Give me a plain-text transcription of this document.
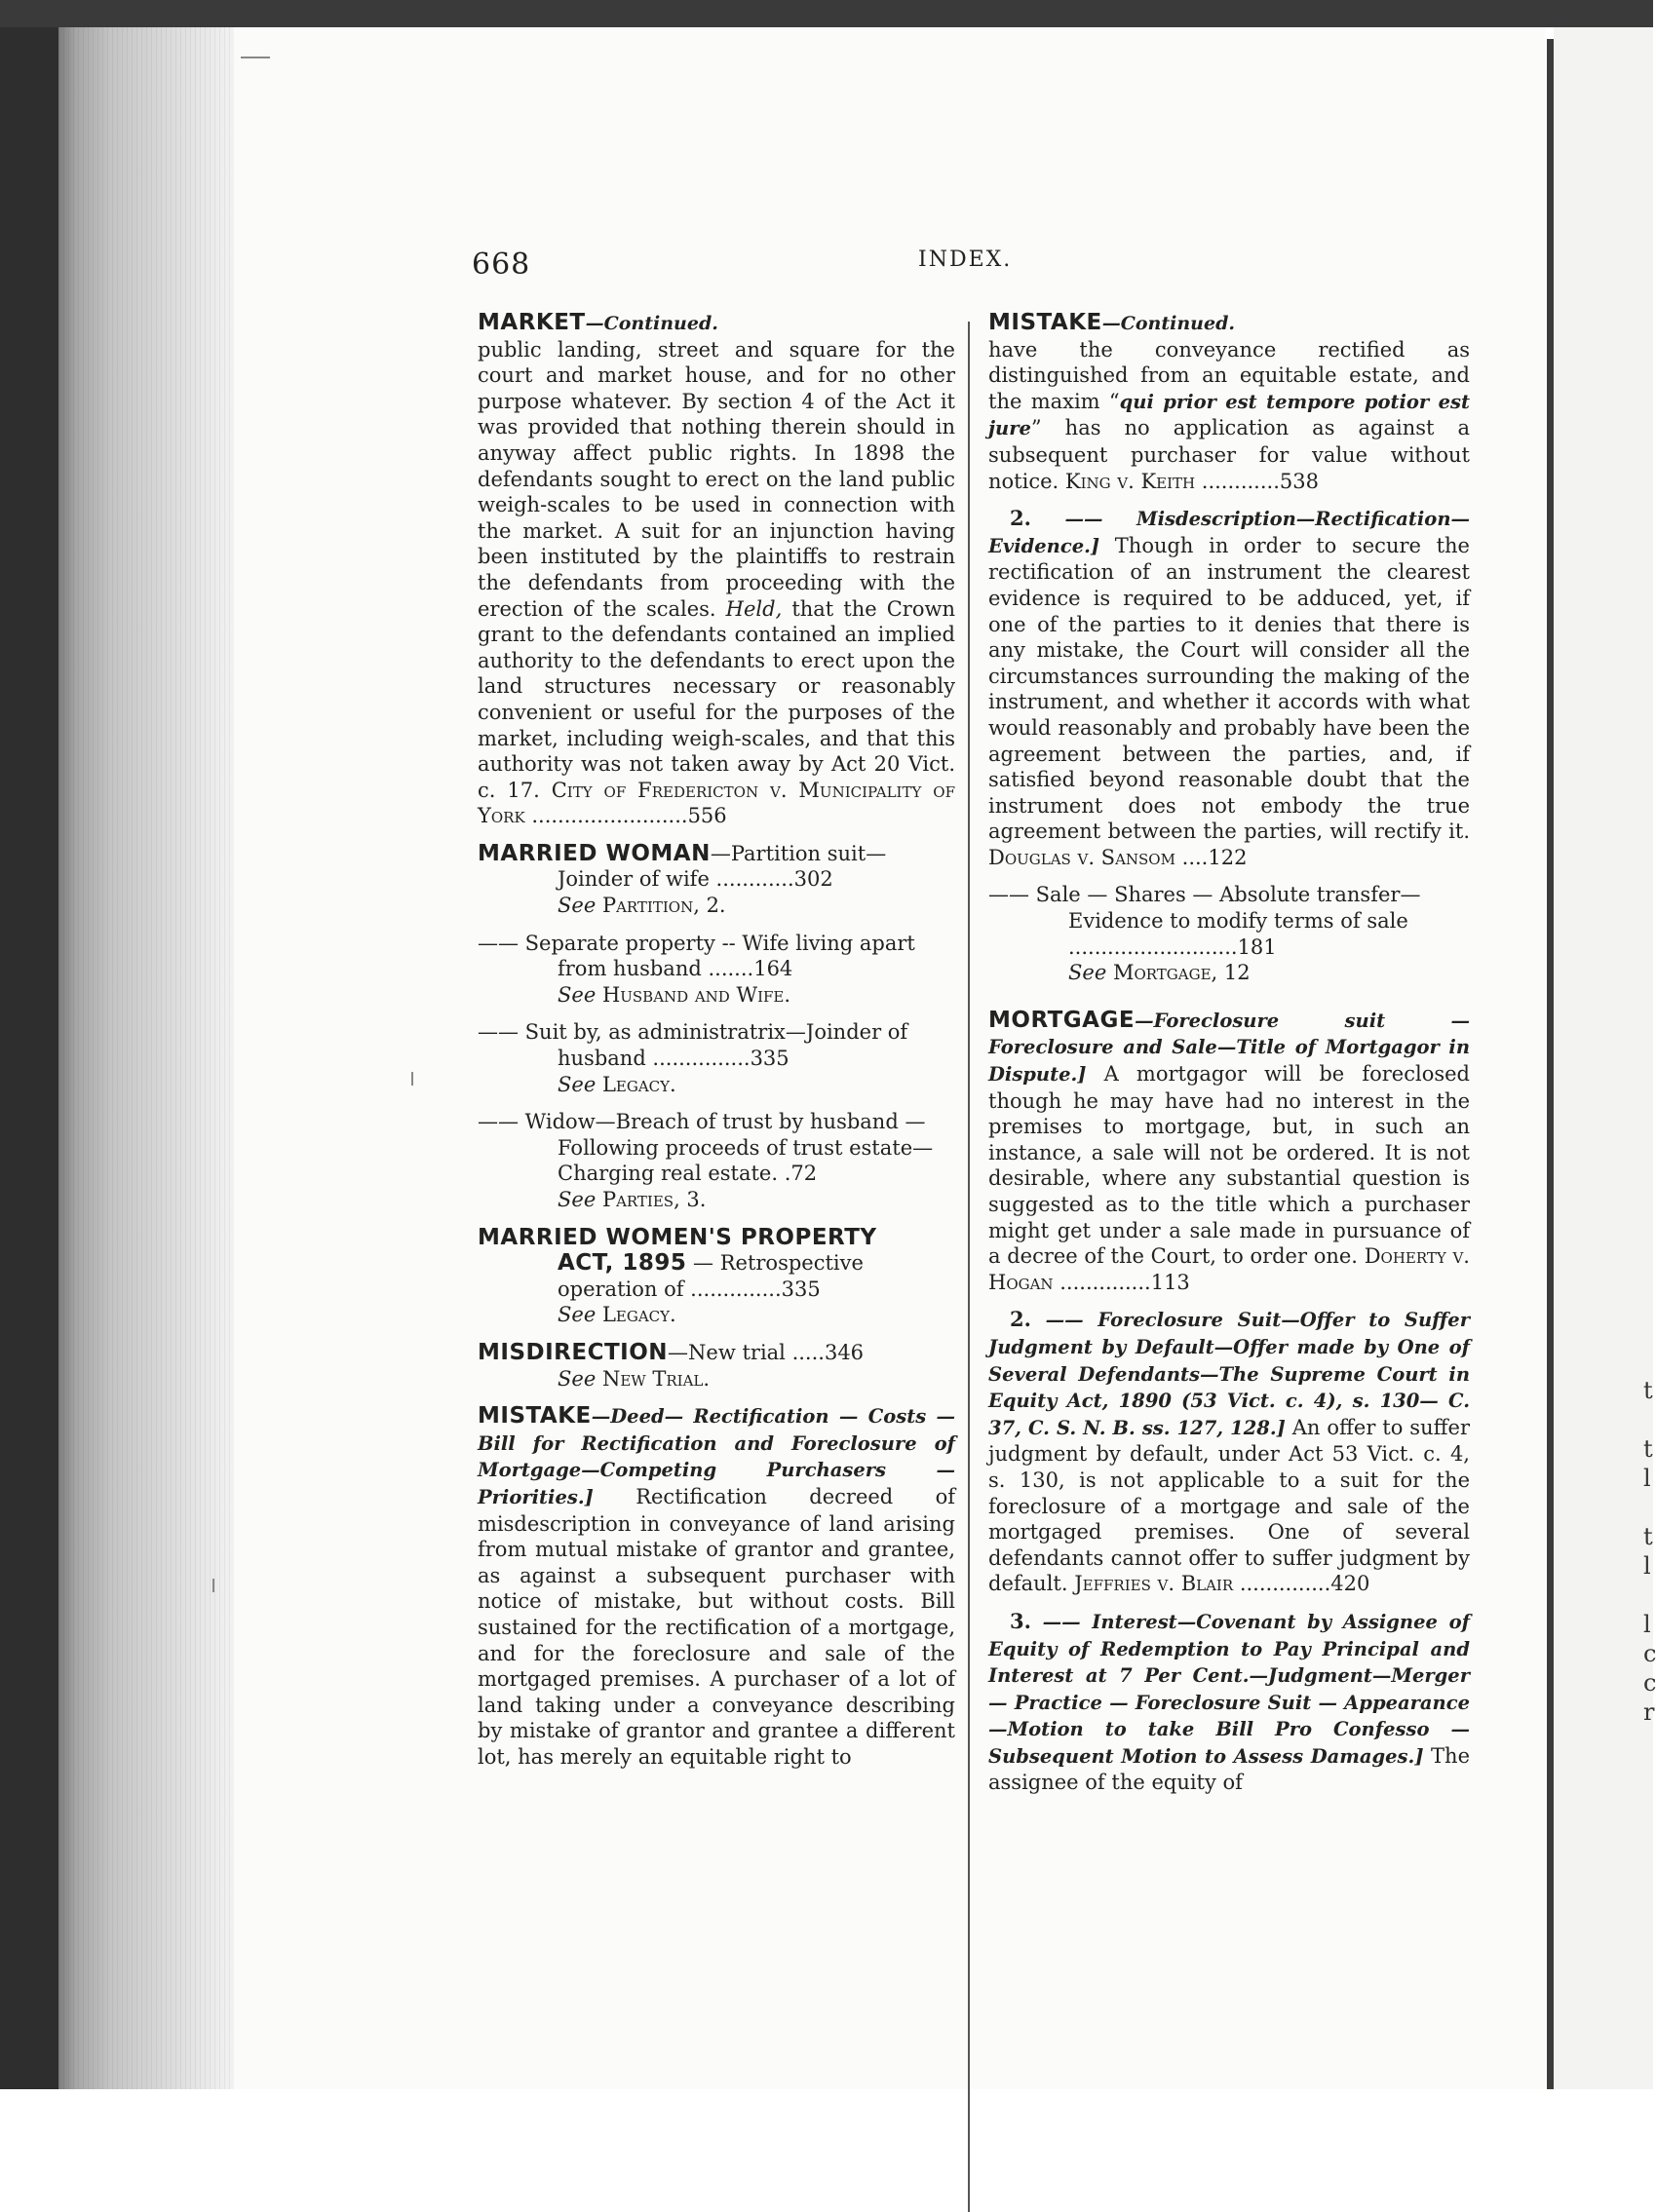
t
t
l
t
l
l
c
c
r
668	INDEX.

MARKET—Continued.

public landing, street and square for the court and market house, and for no other purpose whatever. By section 4 of the Act it was provided that nothing therein should in anyway affect public rights. In 1898 the defendants sought to erect on the land public weigh-scales to be used in connection with the market. A suit for an injunction having been instituted by the plaintiffs to restrain the defendants from proceeding with the erection of the scales. Held, that the Crown grant to the defendants contained an implied authority to the defendants to erect upon the land structures necessary or reasonably convenient or useful for the purposes of the market, including weigh-scales, and that this authority was not taken away by Act 20 Vict. c. 17. City of Fredericton v. Municipality of York ........................556

MARRIED WOMAN—Partition suit—Joinder of wife ............302

See Partition, 2.

—— Separate property -- Wife living apart from husband .......164

See Husband and Wife.

—— Suit by, as administratrix—Joinder of husband ...............335

See Legacy.

—— Widow—Breach of trust by husband —Following proceeds of trust estate—Charging real estate. .72

See Parties, 3.

MARRIED WOMEN'S PROPERTY

ACT, 1895 — Retrospective operation of ..............335

See Legacy.

MISDIRECTION—New trial .....346

See New Trial.

MISTAKE—Deed— Rectification — Costs —Bill for Rectification and Foreclosure of Mortgage—Competing Purchasers — Priorities.] Rectification decreed of misdescription in conveyance of land arising from mutual mistake of grantor and grantee, as against a subsequent purchaser with notice of mistake, but without costs. Bill sustained for the rectification of a mortgage, and for the foreclosure and sale of the mortgaged premises. A purchaser of a lot of land taking under a conveyance describing by mistake of grantor and grantee a different lot, has merely an equitable right to

MISTAKE—Continued.

have the conveyance rectified as distinguished from an equitable estate, and the maxim “qui prior est tempore potior est jure” has no application as against a subsequent purchaser for value without notice. King v. Keith ............538

2. —— Misdescription—Rectification—Evidence.] Though in order to secure the rectification of an instrument the clearest evidence is required to be adduced, yet, if one of the parties to it denies that there is any mistake, the Court will consider all the circumstances surrounding the making of the instrument, and whether it accords with what would reasonably and probably have been the agreement between the parties, and, if satisfied beyond reasonable doubt that the instrument does not embody the true agreement between the parties, will rectify it. Douglas v. Sansom ....122

—— Sale — Shares — Absolute transfer— Evidence to modify terms of sale ..........................181

See Mortgage, 12

MORTGAGE—Foreclosure suit — Foreclosure and Sale—Title of Mortgagor in Dispute.] A mortgagor will be foreclosed though he may have had no interest in the premises to mortgage, but, in such an instance, a sale will not be ordered. It is not desirable, where any substantial question is suggested as to the title which a purchaser might get under a sale made in pursuance of a decree of the Court, to order one. Doherty v. Hogan ..............113

2. —— Foreclosure Suit—Offer to Suffer Judgment by Default—Offer made by One of Several Defendants—The Supreme Court in Equity Act, 1890 (53 Vict. c. 4), s. 130— C. 37, C. S. N. B. ss. 127, 128.] An offer to suffer judgment by default, under Act 53 Vict. c. 4, s. 130, is not applicable to a suit for the foreclosure of a mortgage and sale of the mortgaged premises. One of several defendants cannot offer to suffer judgment by default. Jeffries v. Blair ..............420

3. —— Interest—Covenant by Assignee of Equity of Redemption to Pay Principal and Interest at 7 Per Cent.—Judgment—Merger — Practice — Foreclosure Suit — Appearance—Motion to take Bill Pro Confesso — Subsequent Motion to Assess Damages.] The assignee of the equity of
